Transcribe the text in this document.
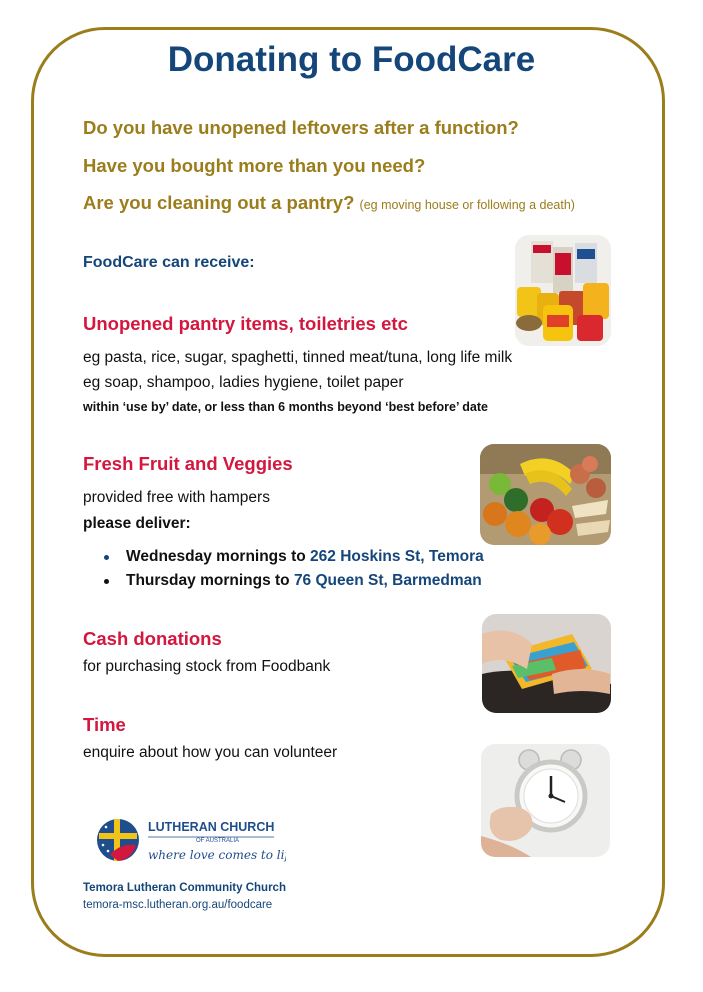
Donating to FoodCare
Do you have unopened leftovers after a function?
Have you bought more than you need?
Are you cleaning out a pantry? (eg moving house or following a death)
FoodCare can receive:
Unopened pantry items, toiletries etc
eg pasta, rice, sugar, spaghetti, tinned meat/tuna, long life milk
eg soap, shampoo, ladies hygiene, toilet paper
within ‘use by’ date, or less than 6 months beyond ‘best before’ date
Fresh Fruit and Veggies
provided free with hampers
please deliver:
Wednesday mornings to 262 Hoskins St, Temora
Thursday mornings to 76 Queen St, Barmedman
Cash donations
for purchasing stock from Foodbank
Time
enquire about how you can volunteer
LUTHERAN CHURCH
OF AUSTRALIA
where love comes to life
Temora Lutheran Community Church
temora-msc.lutheran.org.au/foodcare
